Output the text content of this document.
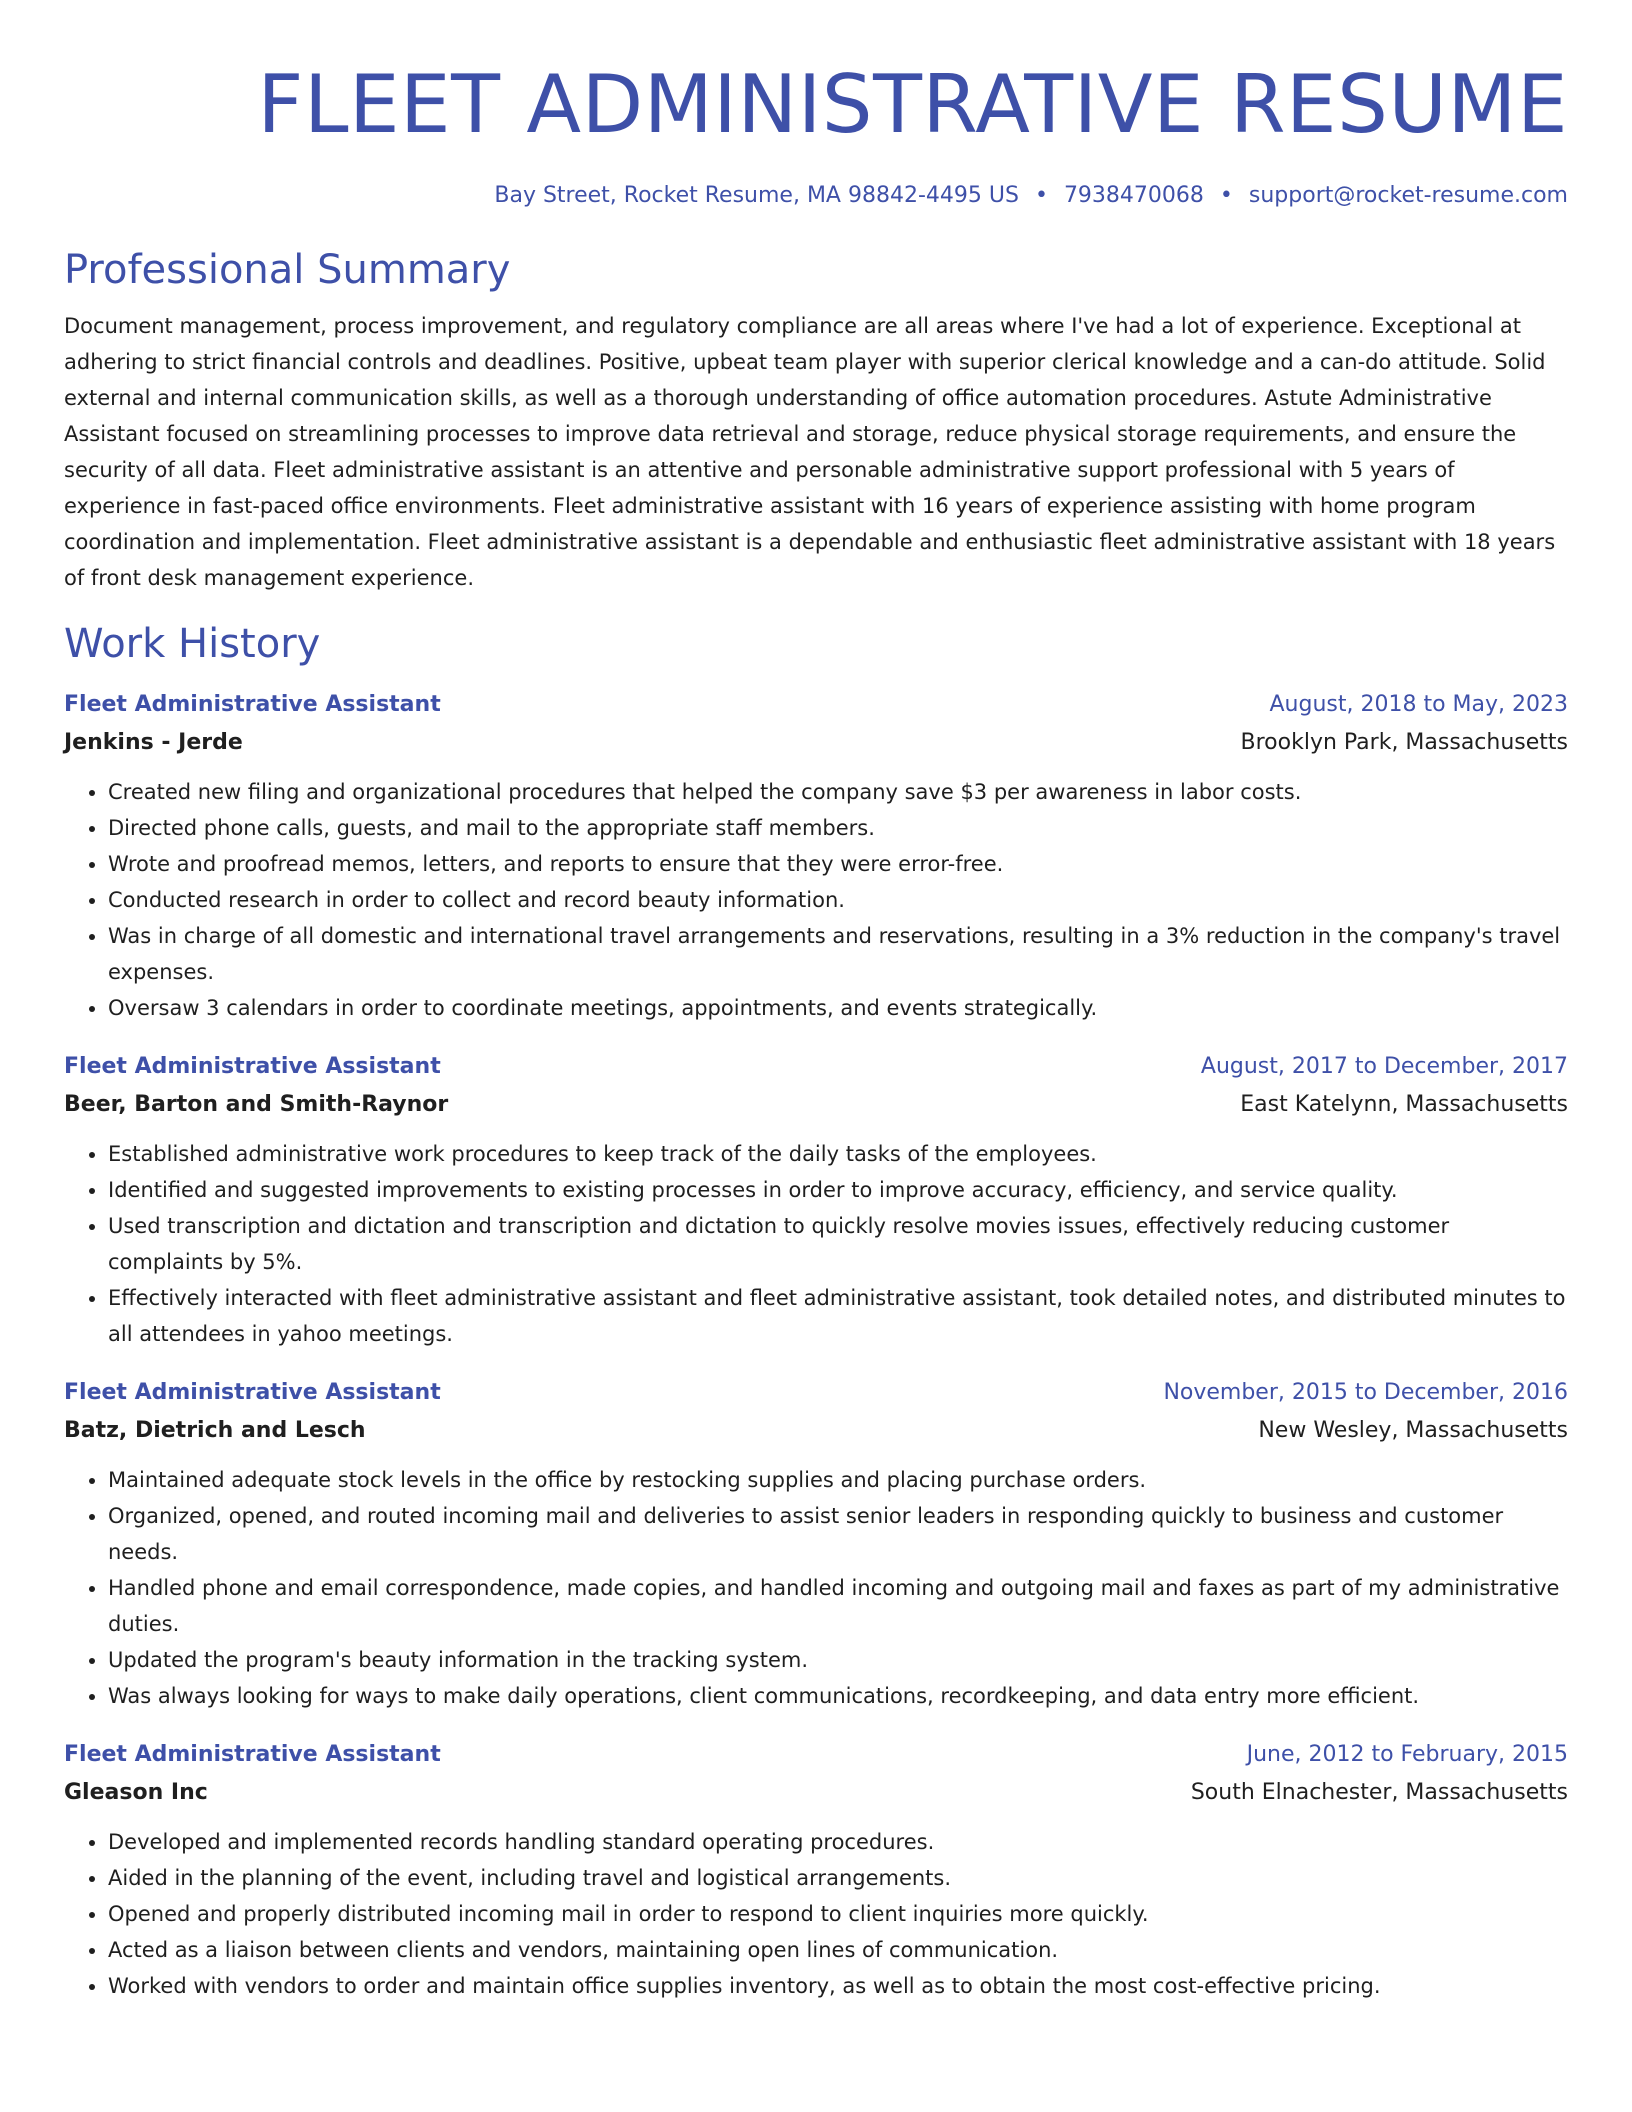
FLEET ADMINISTRATIVE RESUME
Bay Street, Rocket Resume, MA 98842-4495 US • 7938470068 • support@rocket-resume.com
Professional Summary
Document management, process improvement, and regulatory compliance are all areas where I've had a lot of experience. Exceptional at adhering to strict financial controls and deadlines. Positive, upbeat team player with superior clerical knowledge and a can-do attitude. Solid external and internal communication skills, as well as a thorough understanding of office automation procedures. Astute Administrative Assistant focused on streamlining processes to improve data retrieval and storage, reduce physical storage requirements, and ensure the security of all data. Fleet administrative assistant is an attentive and personable administrative support professional with 5 years of experience in fast-paced office environments. Fleet administrative assistant with 16 years of experience assisting with home program coordination and implementation. Fleet administrative assistant is a dependable and enthusiastic fleet administrative assistant with 18 years of front desk management experience.
Work History
Fleet Administrative Assistant	August, 2018 to May, 2023
Jenkins - Jerde	Brooklyn Park, Massachusetts
• Created new filing and organizational procedures that helped the company save $3 per awareness in labor costs.
• Directed phone calls, guests, and mail to the appropriate staff members.
• Wrote and proofread memos, letters, and reports to ensure that they were error-free.
• Conducted research in order to collect and record beauty information.
• Was in charge of all domestic and international travel arrangements and reservations, resulting in a 3% reduction in the company's travel expenses.
• Oversaw 3 calendars in order to coordinate meetings, appointments, and events strategically.
Fleet Administrative Assistant	August, 2017 to December, 2017
Beer, Barton and Smith-Raynor	East Katelynn, Massachusetts
• Established administrative work procedures to keep track of the daily tasks of the employees.
• Identified and suggested improvements to existing processes in order to improve accuracy, efficiency, and service quality.
• Used transcription and dictation and transcription and dictation to quickly resolve movies issues, effectively reducing customer complaints by 5%.
• Effectively interacted with fleet administrative assistant and fleet administrative assistant, took detailed notes, and distributed minutes to all attendees in yahoo meetings.
Fleet Administrative Assistant	November, 2015 to December, 2016
Batz, Dietrich and Lesch	New Wesley, Massachusetts
• Maintained adequate stock levels in the office by restocking supplies and placing purchase orders.
• Organized, opened, and routed incoming mail and deliveries to assist senior leaders in responding quickly to business and customer needs.
• Handled phone and email correspondence, made copies, and handled incoming and outgoing mail and faxes as part of my administrative duties.
• Updated the program's beauty information in the tracking system.
• Was always looking for ways to make daily operations, client communications, recordkeeping, and data entry more efficient.
Fleet Administrative Assistant	June, 2012 to February, 2015
Gleason Inc	South Elnachester, Massachusetts
• Developed and implemented records handling standard operating procedures.
• Aided in the planning of the event, including travel and logistical arrangements.
• Opened and properly distributed incoming mail in order to respond to client inquiries more quickly.
• Acted as a liaison between clients and vendors, maintaining open lines of communication.
• Worked with vendors to order and maintain office supplies inventory, as well as to obtain the most cost-effective pricing.
